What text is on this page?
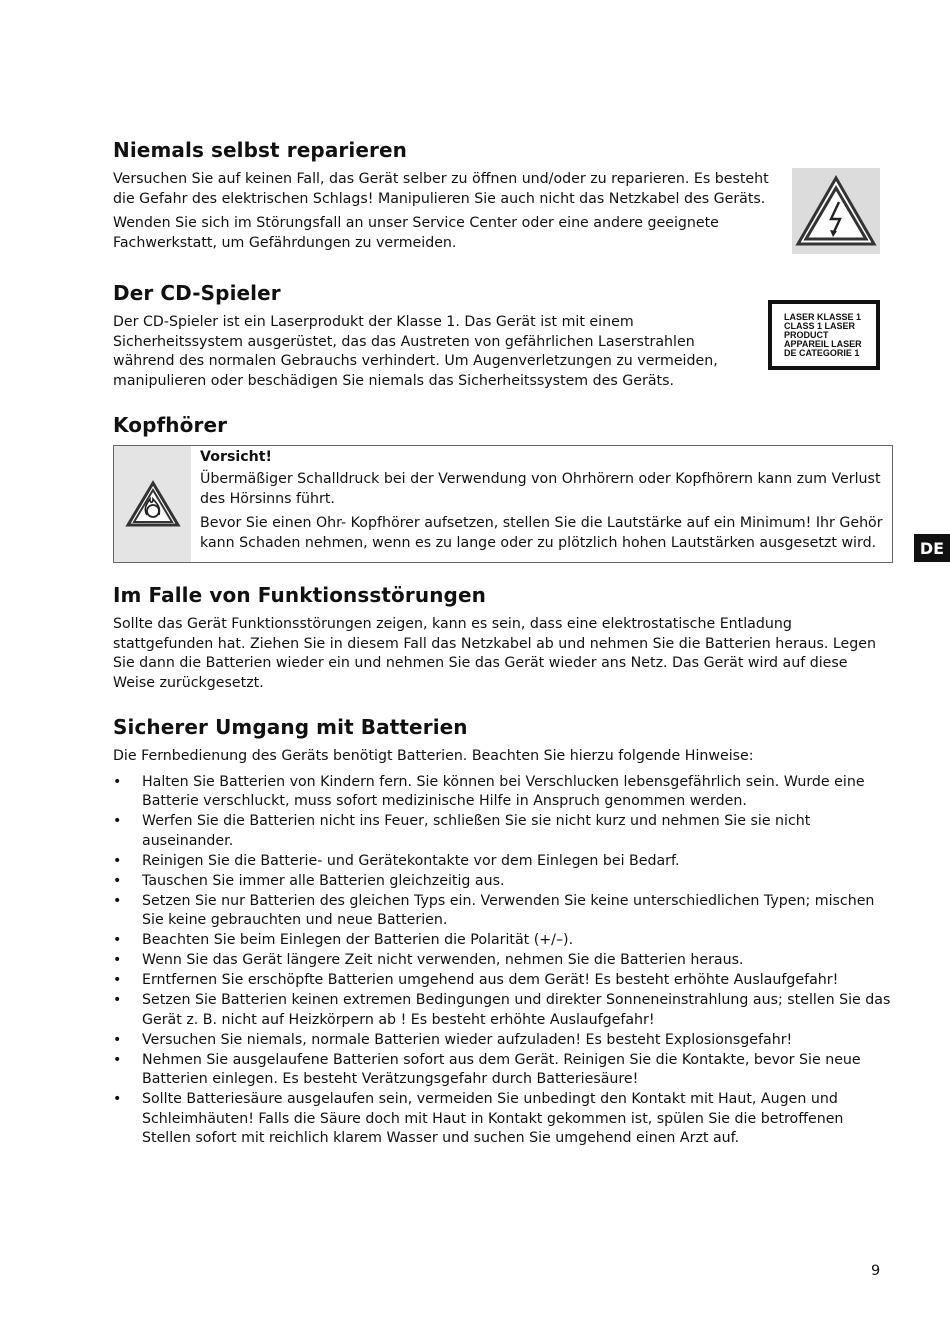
Niemals selbst reparieren

Versuchen Sie auf keinen Fall, das Gerät selber zu öffnen und/oder zu reparieren. Es besteht die Gefahr des elektrischen Schlags! Manipulieren Sie auch nicht das Netzkabel des Geräts.

Wenden Sie sich im Störungsfall an unser Service Center oder eine andere geeignete Fachwerkstatt, um Gefährdungen zu vermeiden.

Der CD-Spieler

Der CD-Spieler ist ein Laserprodukt der Klasse 1. Das Gerät ist mit einem Sicherheitssystem ausgerüstet, das das Austreten von gefährlichen Laserstrahlen während des normalen Gebrauchs verhindert. Um Augenverletzungen zu vermeiden, manipulieren oder beschädigen Sie niemals das Sicherheitssystem des Geräts.

LASER KLASSE 1
CLASS 1 LASER
PRODUCT
APPAREIL LASER
DE CATEGORIE 1
Kopfhörer

Vorsicht!

Übermäßiger Schalldruck bei der Verwendung von Ohrhörern oder Kopfhörern kann zum Verlust des Hörsinns führt.

Bevor Sie einen Ohr- Kopfhörer aufsetzen, stellen Sie die Lautstärke auf ein Minimum! Ihr Gehör kann Schaden nehmen, wenn es zu lange oder zu plötzlich hohen Lautstärken ausgesetzt wird.

Im Falle von Funktionsstörungen

Sollte das Gerät Funktionsstörungen zeigen, kann es sein, dass eine elektrostatische Entladung stattgefunden hat. Ziehen Sie in diesem Fall das Netzkabel ab und nehmen Sie die Batterien heraus. Legen Sie dann die Batterien wieder ein und nehmen Sie das Gerät wieder ans Netz. Das Gerät wird auf diese Weise zurückgesetzt.

Sicherer Umgang mit Batterien

Die Fernbedienung des Geräts benötigt Batterien. Beachten Sie hierzu folgende Hinweise:

• Halten Sie Batterien von Kindern fern. Sie können bei Verschlucken lebensgefährlich sein. Wurde eine Batterie verschluckt, muss sofort medizinische Hilfe in Anspruch genommen werden.
• Werfen Sie die Batterien nicht ins Feuer, schließen Sie sie nicht kurz und nehmen Sie sie nicht auseinander.
• Reinigen Sie die Batterie- und Gerätekontakte vor dem Einlegen bei Bedarf.
• Tauschen Sie immer alle Batterien gleichzeitig aus.
• Setzen Sie nur Batterien des gleichen Typs ein. Verwenden Sie keine unterschiedlichen Typen; mischen Sie keine gebrauchten und neue Batterien.
• Beachten Sie beim Einlegen der Batterien die Polarität (+/–).
• Wenn Sie das Gerät längere Zeit nicht verwenden, nehmen Sie die Batterien heraus.
• Erntfernen Sie erschöpfte Batterien umgehend aus dem Gerät! Es besteht erhöhte Auslaufgefahr!
• Setzen Sie Batterien keinen extremen Bedingungen und direkter Sonneneinstrahlung aus; stellen Sie das Gerät z. B. nicht auf Heizkörpern ab ! Es besteht erhöhte Auslaufgefahr!
• Versuchen Sie niemals, normale Batterien wieder aufzuladen! Es besteht Explosionsgefahr!
• Nehmen Sie ausgelaufene Batterien sofort aus dem Gerät. Reinigen Sie die Kontakte, bevor Sie neue Batterien einlegen. Es besteht Verätzungsgefahr durch Batteriesäure!
• Sollte Batteriesäure ausgelaufen sein, vermeiden Sie unbedingt den Kontakt mit Haut, Augen und Schleimhäuten! Falls die Säure doch mit Haut in Kontakt gekommen ist, spülen Sie die betroffenen Stellen sofort mit reichlich klarem Wasser und suchen Sie umgehend einen Arzt auf.
DE
9
